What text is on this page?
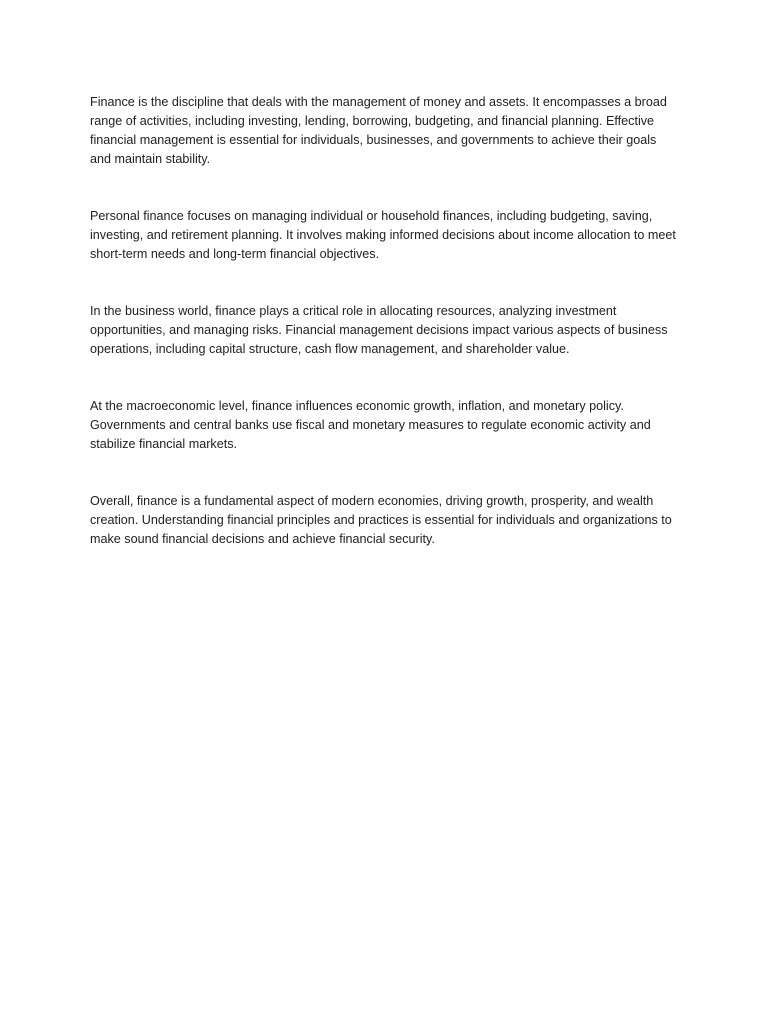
Finance is the discipline that deals with the management of money and assets. It encompasses a broad range of activities, including investing, lending, borrowing, budgeting, and financial planning. Effective financial management is essential for individuals, businesses, and governments to achieve their goals and maintain stability.

Personal finance focuses on managing individual or household finances, including budgeting, saving, investing, and retirement planning. It involves making informed decisions about income allocation to meet short-term needs and long-term financial objectives.

In the business world, finance plays a critical role in allocating resources, analyzing investment opportunities, and managing risks. Financial management decisions impact various aspects of business operations, including capital structure, cash flow management, and shareholder value.

At the macroeconomic level, finance influences economic growth, inflation, and monetary policy. Governments and central banks use fiscal and monetary measures to regulate economic activity and stabilize financial markets.

Overall, finance is a fundamental aspect of modern economies, driving growth, prosperity, and wealth creation. Understanding financial principles and practices is essential for individuals and organizations to make sound financial decisions and achieve financial security.
